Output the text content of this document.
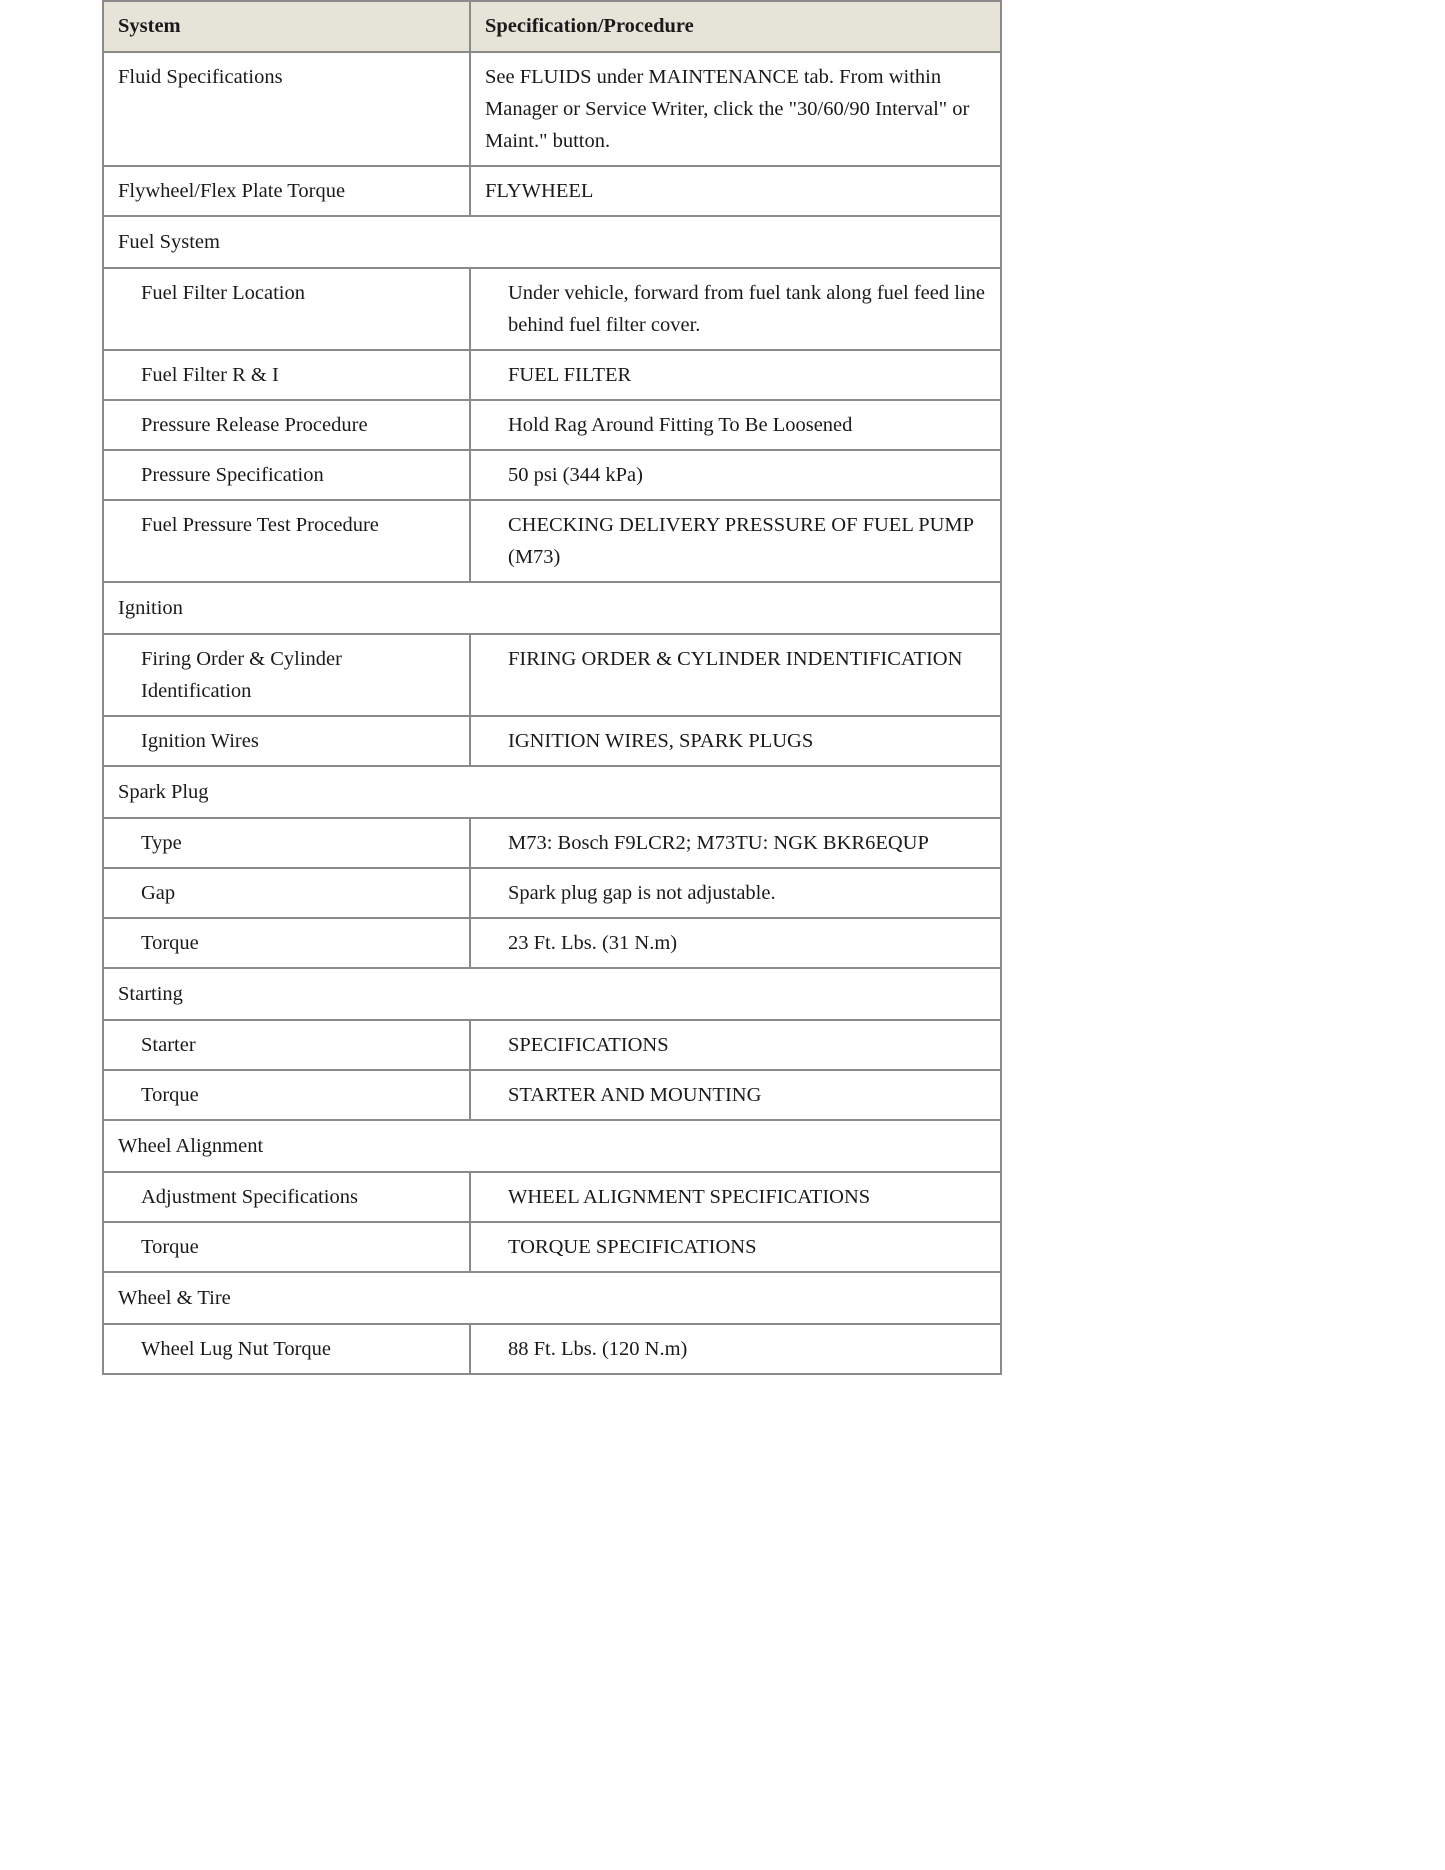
System	Specification/Procedure
Fluid Specifications	See FLUIDS under MAINTENANCE tab. From within Manager or Service Writer, click the "30/60/90 Interval" or Maint." button.
Flywheel/Flex Plate Torque	FLYWHEEL
Fuel System	
Fuel Filter Location	Under vehicle, forward from fuel tank along fuel feed line behind fuel filter cover.
Fuel Filter R & I	FUEL FILTER
Pressure Release Procedure	Hold Rag Around Fitting To Be Loosened
Pressure Specification	50 psi (344 kPa)
Fuel Pressure Test Procedure	CHECKING DELIVERY PRESSURE OF FUEL PUMP (M73)
Ignition	
Firing Order & Cylinder Identification	FIRING ORDER & CYLINDER INDENTIFICATION
Ignition Wires	IGNITION WIRES, SPARK PLUGS
Spark Plug	
Type	M73: Bosch F9LCR2; M73TU: NGK BKR6EQUP
Gap	Spark plug gap is not adjustable.
Torque	23 Ft. Lbs. (31 N.m)
Starting	
Starter	SPECIFICATIONS
Torque	STARTER AND MOUNTING
Wheel Alignment	
Adjustment Specifications	WHEEL ALIGNMENT SPECIFICATIONS
Torque	TORQUE SPECIFICATIONS
Wheel & Tire	
Wheel Lug Nut Torque	88 Ft. Lbs. (120 N.m)
